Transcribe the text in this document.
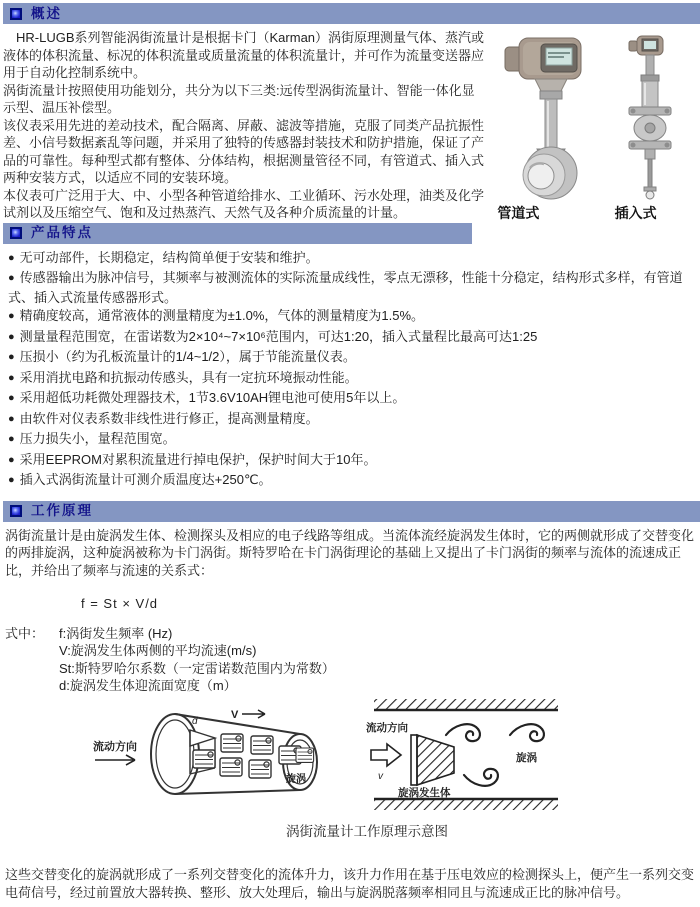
概述

HR-LUGB系列智能涡街流量计是根据卡门（Karman）涡街原理测量气体、蒸汽或液体的体积流量、标况的体积流量或质量流量的体积流量计，并可作为流量变送器应用于自动化控制系统中。

涡街流量计按照使用功能划分，共分为以下三类:远传型涡街流量计、智能一体化显示型、温压补偿型。

该仪表采用先进的差动技术，配合隔离、屏蔽、滤波等措施，克服了同类产品抗振性差、小信号数据紊乱等问题，并采用了独特的传感器封装技术和防护措施，保证了产品的可靠性。每种型式都有整体、分体结构，根据测量管径不同，有管道式、插入式两种安装方式，以适应不同的安装环境。

本仪表可广泛用于大、中、小型各种管道给排水、工业循环、污水处理，油类及化学试剂以及压缩空气、饱和及过热蒸汽、天然气及各种介质流量的计量。	管道式	插入式
产品特点
● 无可动部件，长期稳定，结构简单便于安装和维护。
● 传感器输出为脉冲信号，其频率与被测流体的实际流量成线性，零点无漂移，性能十分稳定，结构形式多样，有管道式、插入式流量传感器形式。
● 精确度较高，通常液体的测量精度为±1.0%，气体的测量精度为1.5%。
● 测量量程范围宽，在雷诺数为2×10⁴~7×10⁶范围内，可达1:20，插入式量程比最高可达1:25
● 压损小（约为孔板流量计的1/4~1/2），属于节能流量仪表。
● 采用消扰电路和抗振动传感头，具有一定抗环境振动性能。
● 采用超低功耗微处理器技术，1节3.6V10AH锂电池可使用5年以上。
● 由软件对仪表系数非线性进行修正，提高测量精度。
● 压力损失小，量程范围宽。
● 采用EEPROM对累积流量进行掉电保护，保护时间大于10年。
● 插入式涡街流量计可测介质温度达+250℃。
工作原理

涡街流量计是由旋涡发生体、检测探头及相应的电子线路等组成。当流体流经旋涡发生体时，它的两侧就形成了交替变化的两排旋涡，这种旋涡被称为卡门涡街。斯特罗哈在卡门涡街理论的基础上又提出了卡门涡街的频率与流体的流速成正比，并给出了频率与流速的关系式：

f = St × V/d
式中：	f:涡街发生频率 (Hz)
V:旋涡发生体两侧的平均流速(m/s)
St:斯特罗哈尔系数（一定雷诺数范围内为常数）
d:旋涡发生体迎流面宽度（m）
流动方向
d
V
旋涡
流动方向
v
旋涡发生体
旋涡
涡街流量计工作原理示意图

这些交替变化的旋涡就形成了一系列交替变化的流体升力，该升力作用在基于压电效应的检测探头上，便产生一系列交变电荷信号，经过前置放大器转换、整形、放大处理后，输出与旋涡脱落频率相同且与流速成正比的脉冲信号。
